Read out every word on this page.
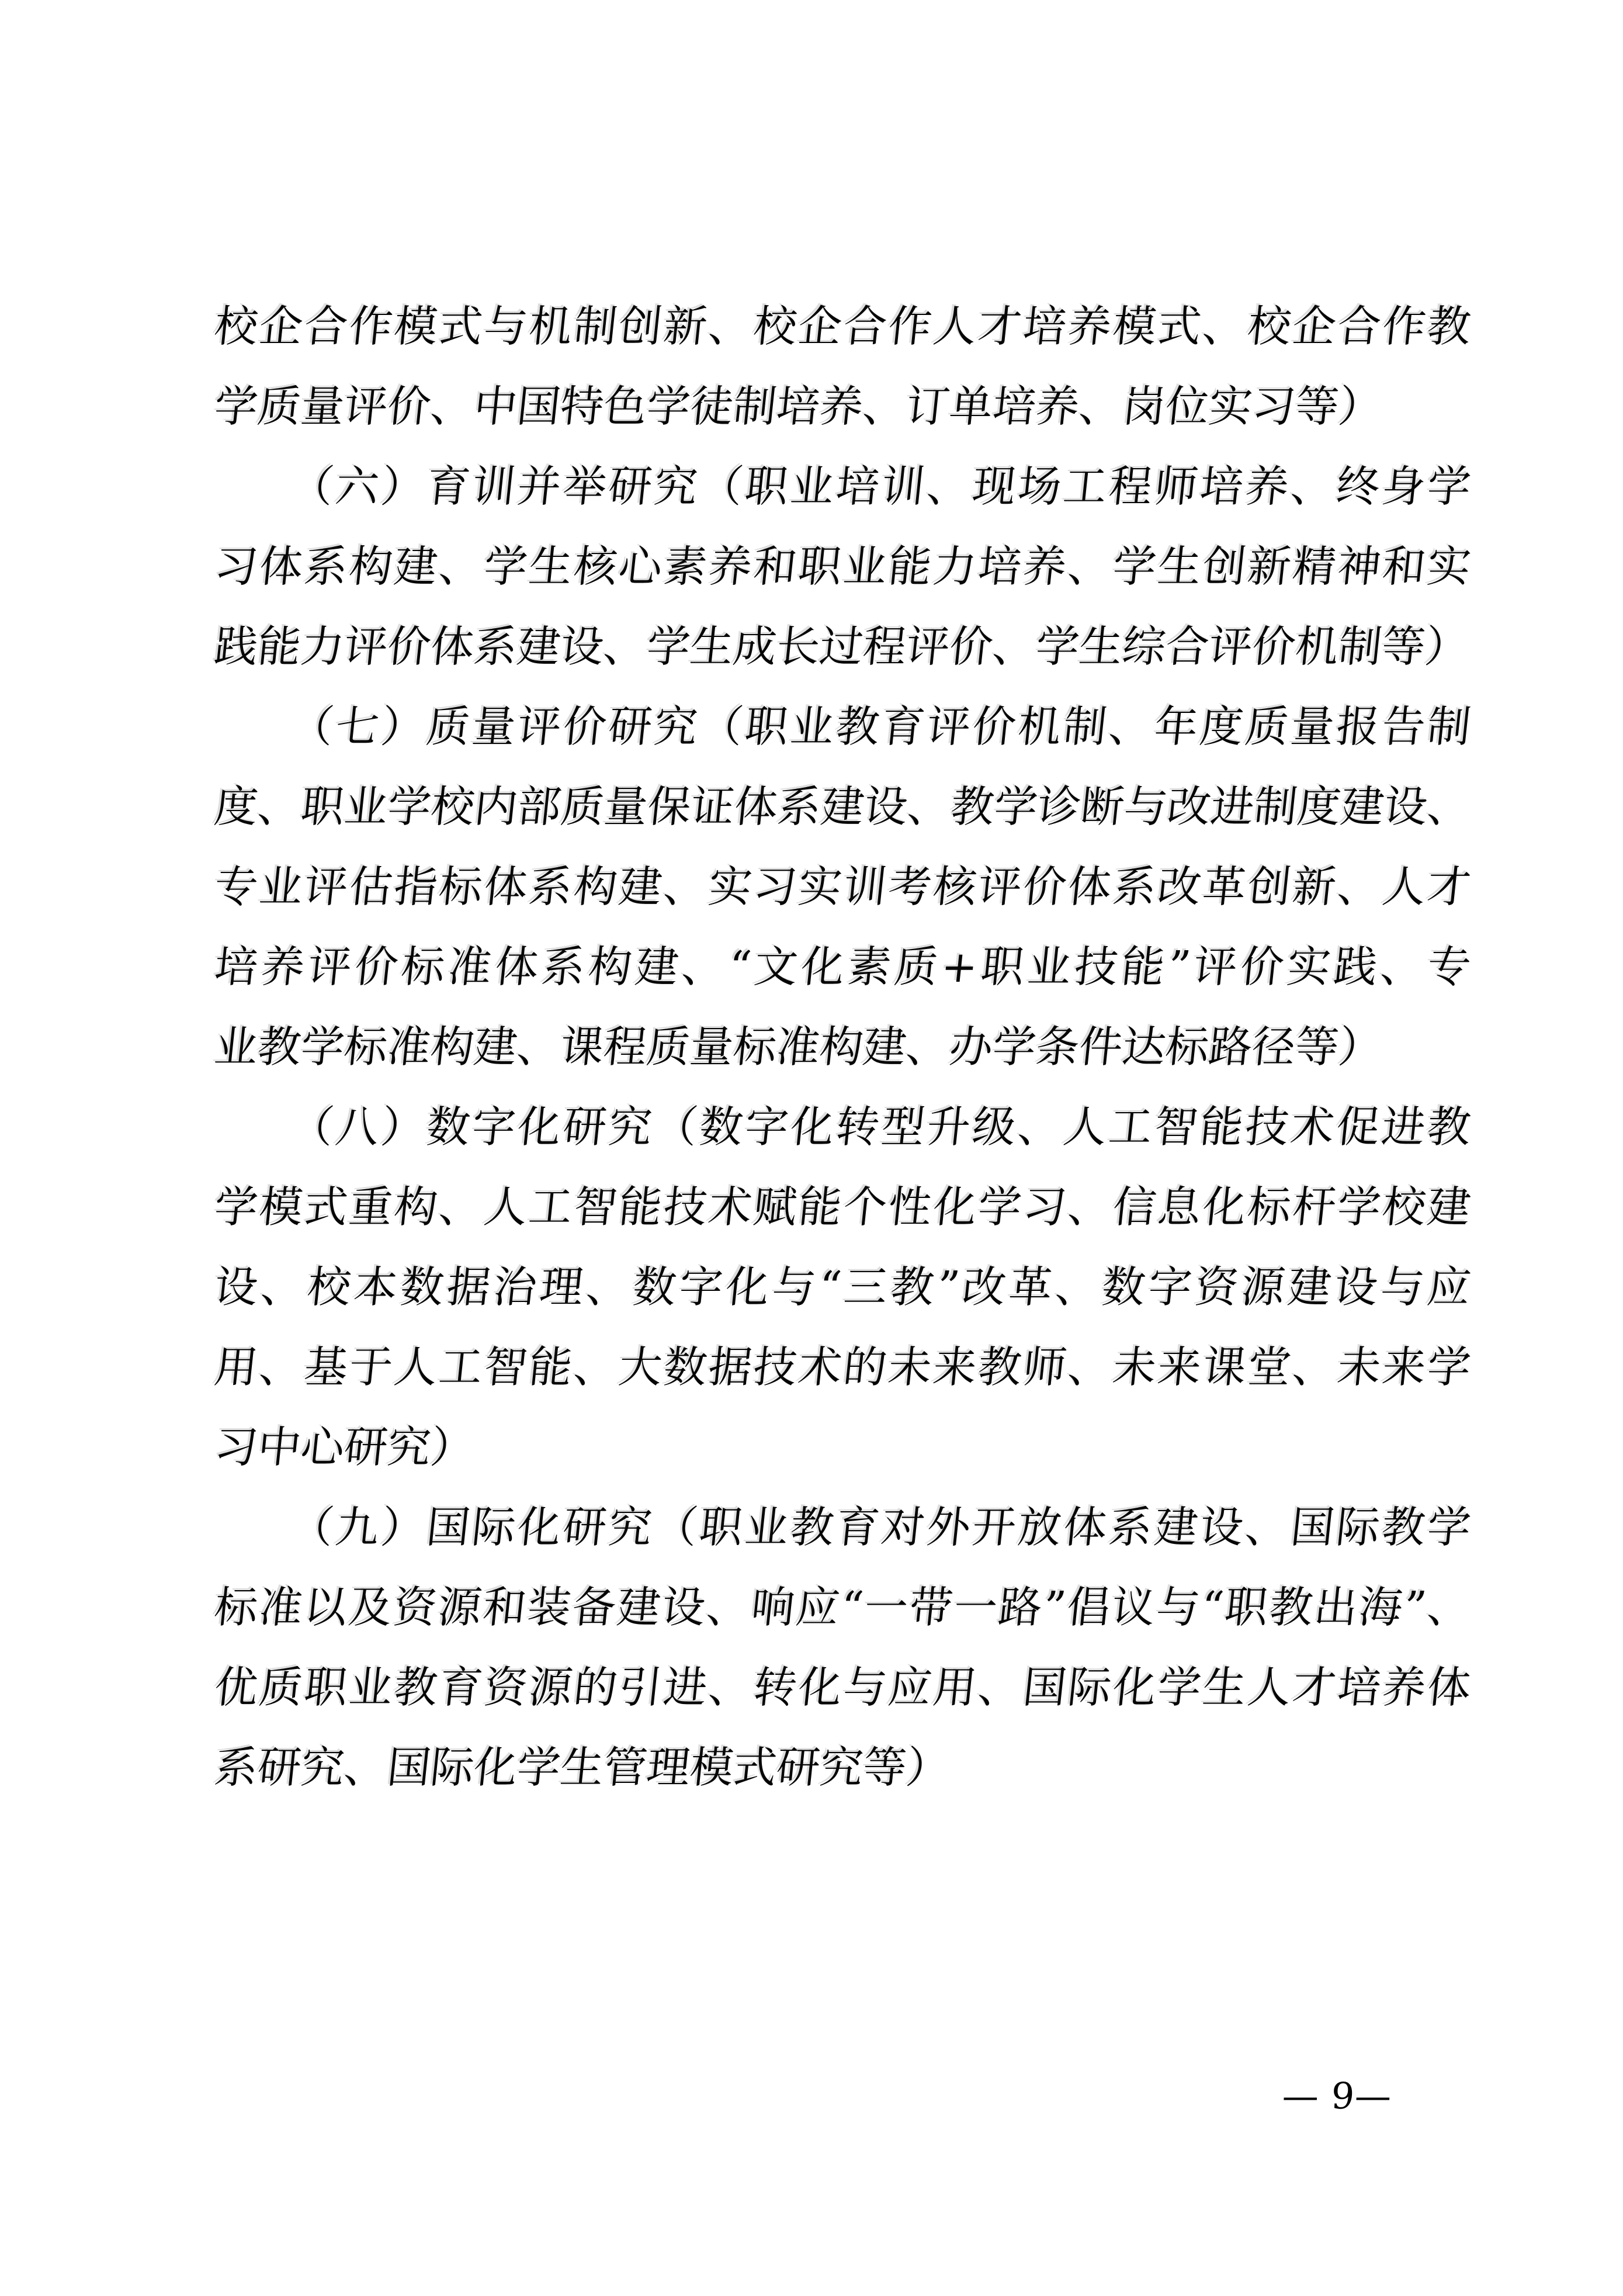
校企合作模式与机制创新、校企合作人才培养模式、校企合作教
学质量评价、中国特色学徒制培养、订单培养、岗位实习等）
（六）育训并举研究（职业培训、现场工程师培养、终身学
习体系构建、学生核心素养和职业能力培养、学生创新精神和实
践能力评价体系建设、学生成长过程评价、学生综合评价机制等）
（七）质量评价研究（职业教育评价机制、年度质量报告制
度、职业学校内部质量保证体系建设、教学诊断与改进制度建设、
专业评估指标体系构建、实习实训考核评价体系改革创新、人才
培养评价标准体系构建、“文化素质+职业技能”评价实践、专
业教学标准构建、课程质量标准构建、办学条件达标路径等）
（八）数字化研究（数字化转型升级、人工智能技术促进教
学模式重构、人工智能技术赋能个性化学习、信息化标杆学校建
设、校本数据治理、数字化与“三教”改革、数字资源建设与应
用、基于人工智能、大数据技术的未来教师、未来课堂、未来学
习中心研究）
（九）国际化研究（职业教育对外开放体系建设、国际教学
标准以及资源和装备建设、响应“一带一路”倡议与“职教出海”、
优质职业教育资源的引进、转化与应用、国际化学生人才培养体
系研究、国际化学生管理模式研究等）
— 9—
